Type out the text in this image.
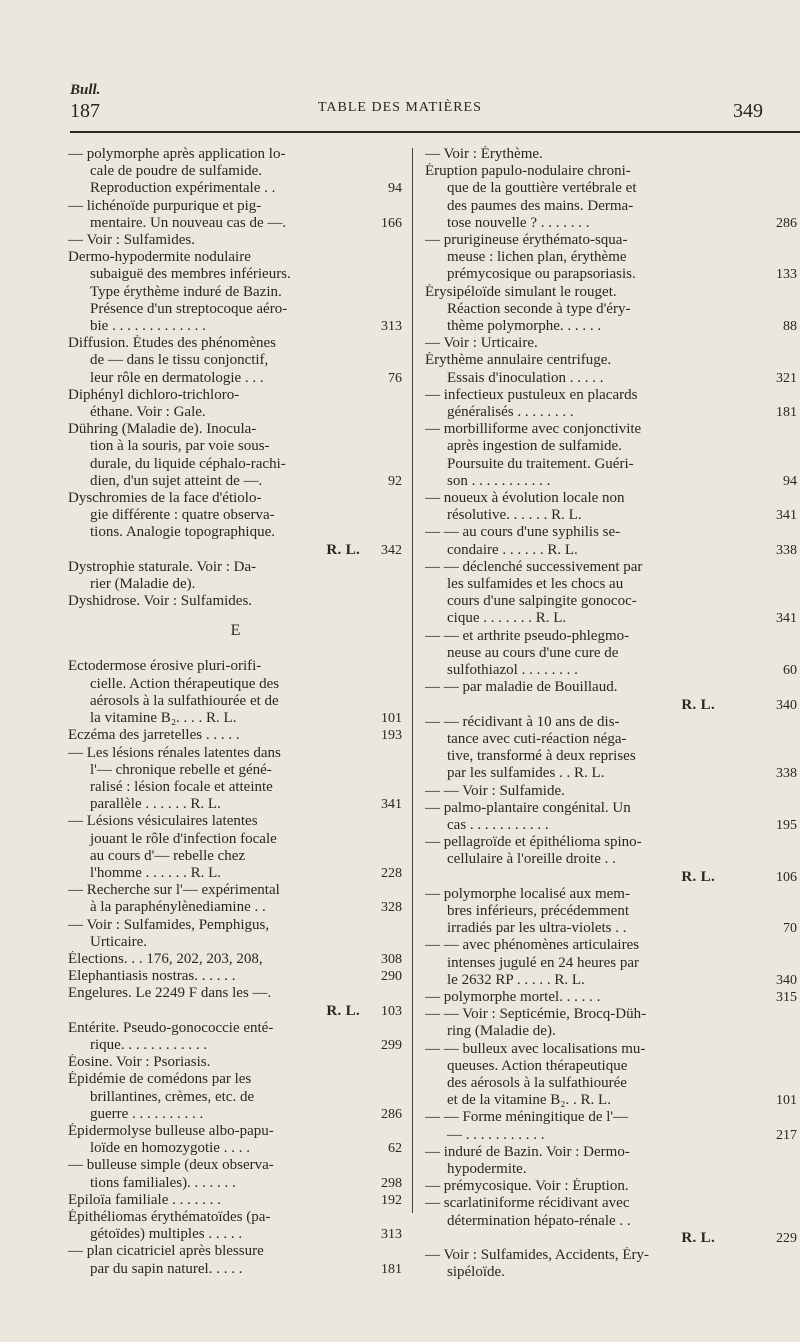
Bull.
187	TABLE DES MATIÈRES	349
— polymorphe après application lo-
cale de poudre de sulfamide.
Reproduction expérimentale . .	94
— lichénoïde purpurique et pig-
mentaire. Un nouveau cas de —.	166
— Voir : Sulfamides.
Dermo-hypodermite nodulaire
subaiguë des membres inférieurs.
Type érythème induré de Bazin.
Présence d'un streptocoque aéro-
bie . . . . . . . . . . . . .	313
Diffusion. Études des phénomènes
de — dans le tissu conjonctif,
leur rôle en dermatologie . . .	76
Diphényl dichloro-trichloro-
éthane. Voir : Gale.
Dühring (Maladie de). Inocula-
tion à la souris, par voie sous-
durale, du liquide céphalo-rachi-
dien, d'un sujet atteint de —.	92
Dyschromies de la face d'étiolo-
gie différente : quatre observa-
tions. Analogie topographique.
R. L. 342
Dystrophie staturale. Voir : Da-
rier (Maladie de).
Dyshidrose. Voir : Sulfamides.
E
Ectodermose érosive pluri-orifi-
cielle. Action thérapeutique des
aérosols à la sulfathiourée et de
la vitamine B₂. . . . R. L.	101
Eczéma des jarretelles . . . . .	193
— Les lésions rénales latentes dans
l'— chronique rebelle et géné-
ralisé : lésion focale et atteinte
parallèle . . . . . . R. L.	341
— Lésions vésiculaires latentes
jouant le rôle d'infection focale
au cours d'— rebelle chez
l'homme . . . . . . R. L.	228
— Recherche sur l'— expérimental
à la paraphénylènediamine . .	328
— Voir : Sulfamides, Pemphigus,
Urticaire.
Élections. . . 176, 202, 203, 208,	308
Elephantiasis nostras. . . . . .	290
Engelures. Le 2249 F dans les —.
R. L. 103
Entérite. Pseudo-gonococcie enté-
rique. . . . . . . . . . . .	299
Éosine. Voir : Psoriasis.
Épidémie de comédons par les
brillantines, crèmes, etc. de
guerre . . . . . . . . . .	286
Épidermolyse bulleuse albo-papu-
loïde en homozygotie . . . .	62
— bulleuse simple (deux observa-
tions familiales). . . . . . .	298
Epiloïa familiale . . . . . . .	192
Épithéliomas érythématoïdes (pa-
gétoïdes) multiples . . . . .	313
— plan cicatriciel après blessure
par du sapin naturel. . . . .	181
— Voir : Érythème.
Éruption papulo-nodulaire chroni-
que de la gouttière vertébrale et
des paumes des mains. Derma-
tose nouvelle ? . . . . . . .	286
— prurigineuse érythémato-squa-
meuse : lichen plan, érythème
prémycosique ou parapsoriasis.	133
Érysipéloïde simulant le rouget.
Réaction seconde à type d'éry-
thème polymorphe. . . . . .	88
— Voir : Urticaire.
Érythème annulaire centrifuge.
Essais d'inoculation . . . . .	321
— infectieux pustuleux en placards
généralisés . . . . . . . .	181
— morbilliforme avec conjonctivite
après ingestion de sulfamide.
Poursuite du traitement. Guéri-
son . . . . . . . . . . .	94
— noueux à évolution locale non
résolutive. . . . . . R. L.	341
— — au cours d'une syphilis se-
condaire . . . . . . R. L.	338
— — déclenché successivement par
les sulfamides et les chocs au
cours d'une salpingite gonococ-
cique . . . . . . . R. L.	341
— — et arthrite pseudo-phlegmo-
neuse au cours d'une cure de
sulfothiazol . . . . . . . .	60
— — par maladie de Bouillaud.
R. L.	340
— — récidivant à 10 ans de dis-
tance avec cuti-réaction néga-
tive, transformé à deux reprises
par les sulfamides . . R. L.	338
— — Voir : Sulfamide.
— palmo-plantaire congénital. Un
cas . . . . . . . . . . .	195
— pellagroïde et épithélioma spino-
cellulaire à l'oreille droite . .
R. L.	106
— polymorphe localisé aux mem-
bres inférieurs, précédemment
irradiés par les ultra-violets . .	70
— — avec phénomènes articulaires
intenses jugulé en 24 heures par
le 2632 RP . . . . . R. L.	340
— polymorphe mortel. . . . . .	315
— — Voir : Septicémie, Brocq-Düh-
ring (Maladie de).
— — bulleux avec localisations mu-
queuses. Action thérapeutique
des aérosols à la sulfathiourée
et de la vitamine B₂. . R. L.	101
— — Forme méningitique de l'—
— . . . . . . . . . . .	217
— induré de Bazin. Voir : Dermo-
hypodermite.
— prémycosique. Voir : Éruption.
— scarlatiniforme récidivant avec
détermination hépato-rénale . .
R. L.	229
— Voir : Sulfamides, Accidents, Éry-
sipéloïde.
